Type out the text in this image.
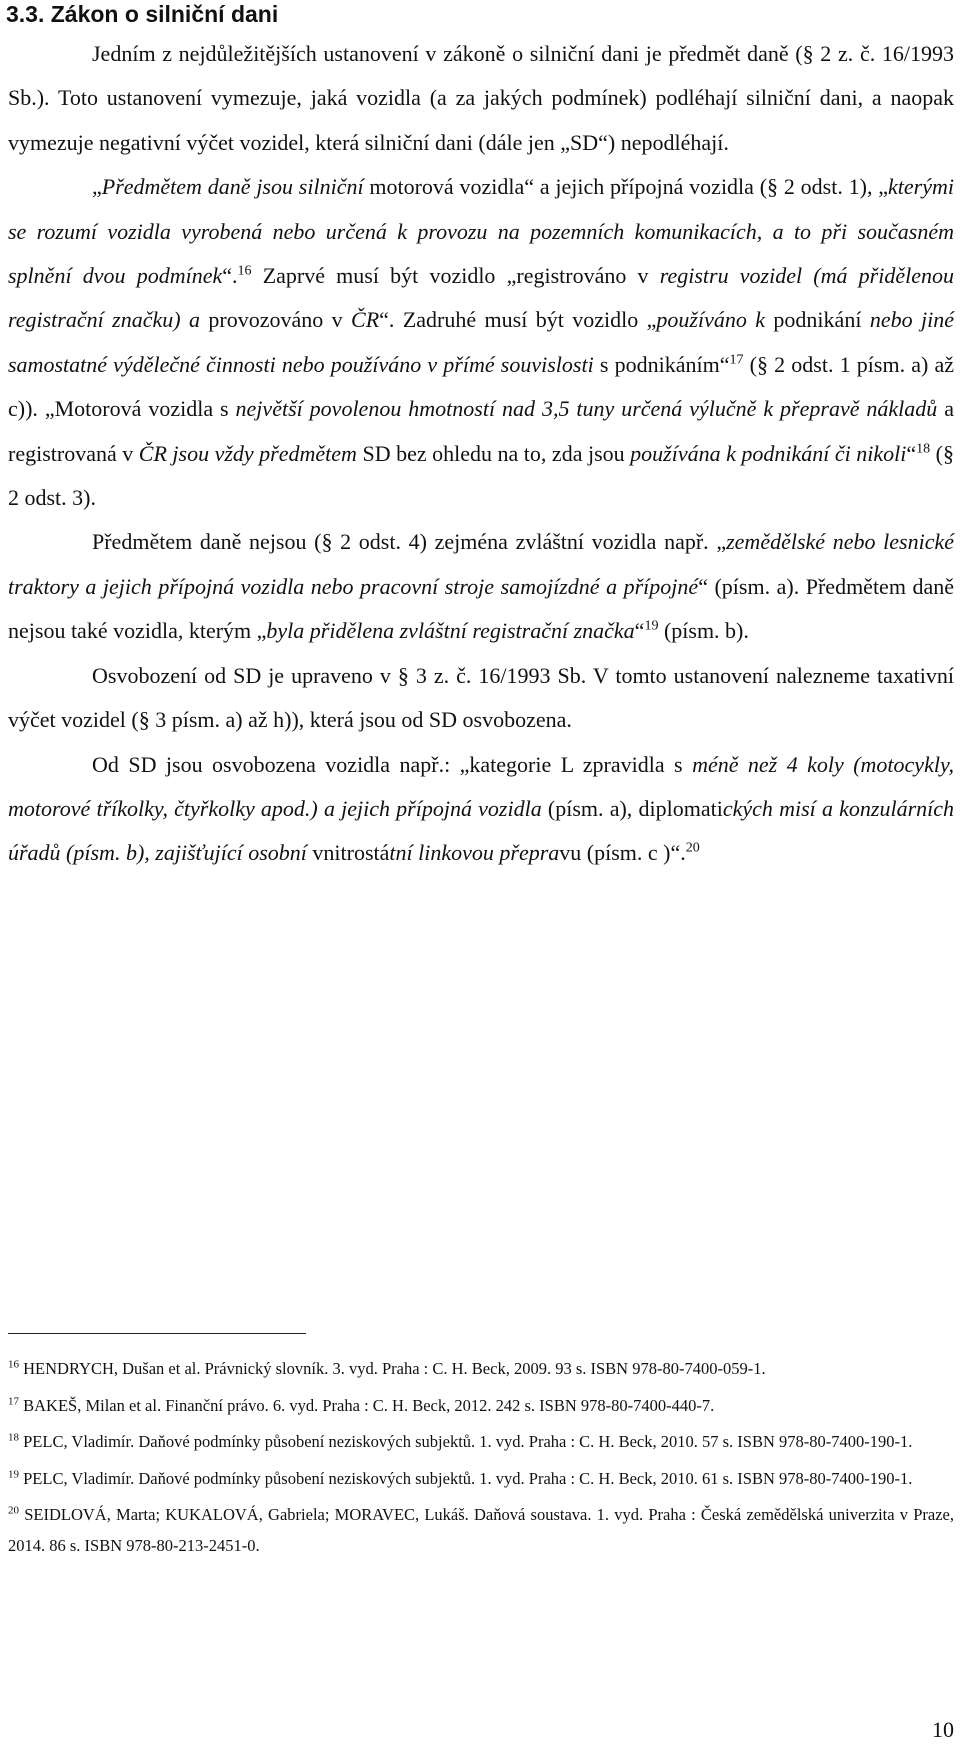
3.3. Zákon o silniční dani

Jedním z nejdůležitějších ustanovení v zákoně o silniční dani je předmět daně (§ 2 z. č. 16/1993 Sb.). Toto ustanovení vymezuje, jaká vozidla (a za jakých podmínek) podléhají silniční dani, a naopak vymezuje negativní výčet vozidel, která silniční dani (dále jen „SD“) nepodléhají.

„Předmětem daně jsou silniční motorová vozidla“ a jejich přípojná vozidla (§ 2 odst. 1), „kterými se rozumí vozidla vyrobená nebo určená k provozu na pozemních komunikacích, a to při současném splnění dvou podmínek“.$^{16}$ Zaprvé musí být vozidlo „registrováno v registru vozidel (má přidělenou registrační značku) a provozováno v ČR“. Zadruhé musí být vozidlo „používáno k podnikání nebo jiné samostatné výdělečné činnosti nebo používáno v přímé souvislosti s podnikáním“$^{17}$ (§ 2 odst. 1 písm. a) až c)). „Motorová vozidla s největší povolenou hmotností nad 3,5 tuny určená výlučně k přepravě nákladů a registrovaná v ČR jsou vždy předmětem SD bez ohledu na to, zda jsou používána k podnikání či nikoli“$^{18}$ (§ 2 odst. 3).

Předmětem daně nejsou (§ 2 odst. 4) zejména zvláštní vozidla např. „zemědělské nebo lesnické traktory a jejich přípojná vozidla nebo pracovní stroje samojízdné a přípojné“ (písm. a). Předmětem daně nejsou také vozidla, kterým „byla přidělena zvláštní registrační značka“$^{19}$ (písm. b).

Osvobození od SD je upraveno v § 3 z. č. 16/1993 Sb. V tomto ustanovení nalezneme taxativní výčet vozidel (§ 3 písm. a) až h)), která jsou od SD osvobozena.

Od SD jsou osvobozena vozidla např.: „kategorie L zpravidla s méně než 4 koly (motocykly, motorové tříkolky, čtyřkolky apod.) a jejich přípojná vozidla (písm. a), diplomatických misí a konzulárních úřadů (písm. b), zajišťující osobní vnitrostátní linkovou přepravu (písm. c )“.$^{20}$

$^{16}$ HENDRYCH, Dušan et al. Právnický slovník. 3. vyd. Praha : C. H. Beck, 2009. 93 s. ISBN 978-80-7400-059-1.

$^{17}$ BAKEŠ, Milan et al. Finanční právo. 6. vyd. Praha : C. H. Beck, 2012. 242 s. ISBN 978-80-7400-440-7.

$^{18}$ PELC, Vladimír. Daňové podmínky působení neziskových subjektů. 1. vyd. Praha : C. H. Beck, 2010. 57 s. ISBN 978-80-7400-190-1.

$^{19}$ PELC, Vladimír. Daňové podmínky působení neziskových subjektů. 1. vyd. Praha : C. H. Beck, 2010. 61 s. ISBN 978-80-7400-190-1.

$^{20}$ SEIDLOVÁ, Marta; KUKALOVÁ, Gabriela; MORAVEC, Lukáš. Daňová soustava. 1. vyd. Praha : Česká zemědělská univerzita v Praze, 2014. 86 s. ISBN 978-80-213-2451-0.

10
